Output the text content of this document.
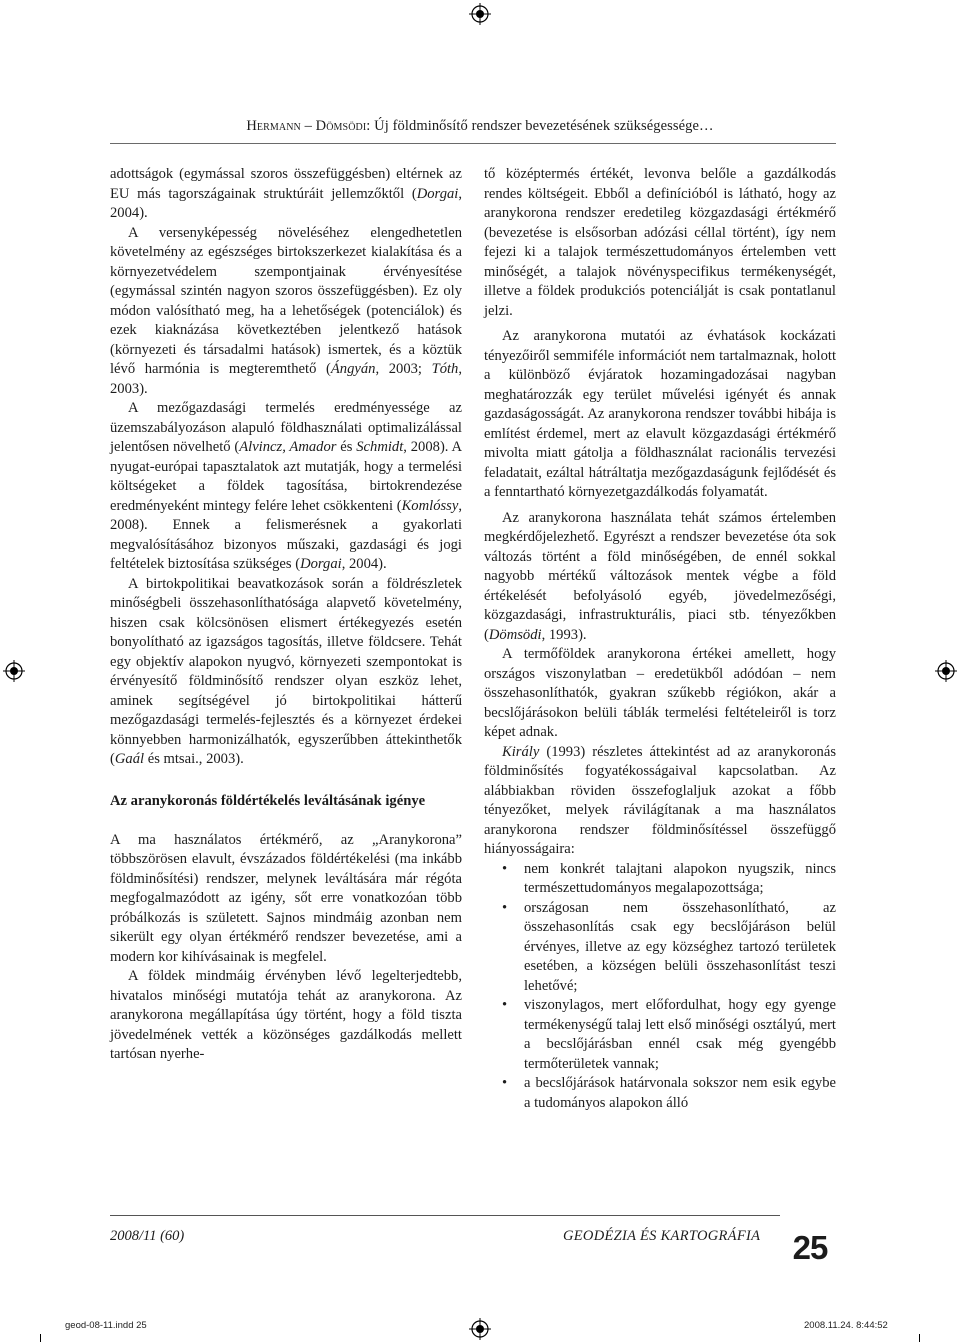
Hermann – Dömsödi: Új földminősítő rendszer bevezetésének szükségessége…

adottságok (egymással szoros összefüggésben) eltérnek az EU más tagországainak struktúráit jellemzőktől (Dorgai, 2004).

A versenyképesség növeléséhez elengedhetetlen követelmény az egészséges birtokszerkezet kialakítása és a környezetvédelem szempontjainak érvényesítése (egymással szintén nagyon szoros összefüggésben). Ez oly módon valósítható meg, ha a lehetőségek (potenciálok) és ezek kiaknázása következtében jelentkező hatások (környezeti és társadalmi hatások) ismertek, és a köztük lévő harmónia is megteremthető (Ángyán, 2003; Tóth, 2003).

A mezőgazdasági termelés eredményessége az üzemszabályozáson alapuló földhasználati optimalizálással jelentősen növelhető (Alvincz, Amador és Schmidt, 2008). A nyugat-európai tapasztalatok azt mutatják, hogy a termelési költségeket a földek tagosítása, birtokrendezése eredményeként mintegy felére lehet csökkenteni (Komlóssy, 2008). Ennek a felismerésnek a gyakorlati megvalósításához bizonyos műszaki, gazdasági és jogi feltételek biztosítása szükséges (Dorgai, 2004).

A birtokpolitikai beavatkozások során a földrészletek minőségbeli összehasonlíthatósága alapvető követelmény, hiszen csak kölcsönösen elismert értékegyezés esetén bonyolítható az igazságos tagosítás, illetve földcsere. Tehát egy objektív alapokon nyugvó, környezeti szempontokat is érvényesítő földminősítő rendszer olyan eszköz lehet, aminek segítségével jó birtokpolitikai hátterű mezőgazdasági termelés-fejlesztés és a környezet érdekei könnyebben harmonizálhatók, egyszerűbben áttekinthetők (Gaál és mtsai., 2003).

Az aranykoronás földértékelés leváltásának igénye

A ma használatos értékmérő, az „Aranykorona” többszörösen elavult, évszázados földértékelési (ma inkább földminősítési) rendszer, melynek leváltására már régóta megfogalmazódott az igény, sőt erre vonatkozóan több próbálkozás is született. Sajnos mindmáig azonban nem sikerült egy olyan értékmérő rendszer bevezetése, ami a modern kor kihívásainak is megfelel.

A földek mindmáig érvényben lévő legelterjedtebb, hivatalos minőségi mutatója tehát az aranykorona. Az aranykorona megállapítása úgy történt, hogy a föld tiszta jövedelmének vették a közönséges gazdálkodás mellett tartósan nyerhe-

tő középtermés értékét, levonva belőle a gazdálkodás rendes költségeit. Ebből a definícióból is látható, hogy az aranykorona rendszer eredetileg közgazdasági értékmérő (bevezetése is elsősorban adózási céllal történt), így nem fejezi ki a talajok természettudományos értelemben vett minőségét, a talajok növényspecifikus termékenységét, illetve a földek produkciós potenciálját is csak pontatlanul jelzi.

Az aranykorona mutatói az évhatások kockázati tényezőiről semmiféle információt nem tartalmaznak, holott a különböző évjáratok hozamingadozásai nagyban meghatározzák egy terület művelési igényét és annak gazdaságosságát. Az aranykorona rendszer további hibája is említést érdemel, mert az elavult közgazdasági értékmérő mivolta miatt gátolja a földhasználat racionális tervezési feladatait, ezáltal hátráltatja mezőgazdaságunk fejlődését és a fenntartható környezetgazdálkodás folyamatát.

Az aranykorona használata tehát számos értelemben megkérdőjelezhető. Egyrészt a rendszer bevezetése óta sok változás történt a föld minőségében, de ennél sokkal nagyobb mértékű változások mentek végbe a föld értékelését befolyásoló egyéb, jövedelmezőségi, közgazdasági, infrastrukturális, piaci stb. tényezőkben (Dömsödi, 1993).

A termőföldek aranykorona értékei amellett, hogy országos viszonylatban – eredetükből adódóan – nem összehasonlíthatók, gyakran szűkebb régiókon, akár a becslőjárásokon belüli táblák termelési feltételeiről is torz képet adnak.

Király (1993) részletes áttekintést ad az aranykoronás földminősítés fogyatékosságaival kapcsolatban. Az alábbiakban röviden összefoglaljuk azokat a főbb tényezőket, melyek rávilágítanak a ma használatos aranykorona rendszer földminősítéssel összefüggő hiányosságaira:

• nem konkrét talajtani alapokon nyugszik, nincs természettudományos megalapozottsága;
• országosan nem összehasonlítható, az összehasonlítás csak egy becslőjáráson belül érvényes, illetve az egy községhez tartozó területek esetében, a községen belüli összehasonlítást teszi lehetővé;
• viszonylagos, mert előfordulhat, hogy egy gyenge termékenységű talaj lett első minőségi osztályú, mert a becslőjárásban ennél csak még gyengébb termőterületek vannak;
• a becslőjárások határvonala sokszor nem esik egybe a tudományos alapokon álló
2008/11 (60)	GEODÉZIA ÉS KARTOGRÁFIA 25
geod-08-11.indd 25	2008.11.24. 8:44:52
